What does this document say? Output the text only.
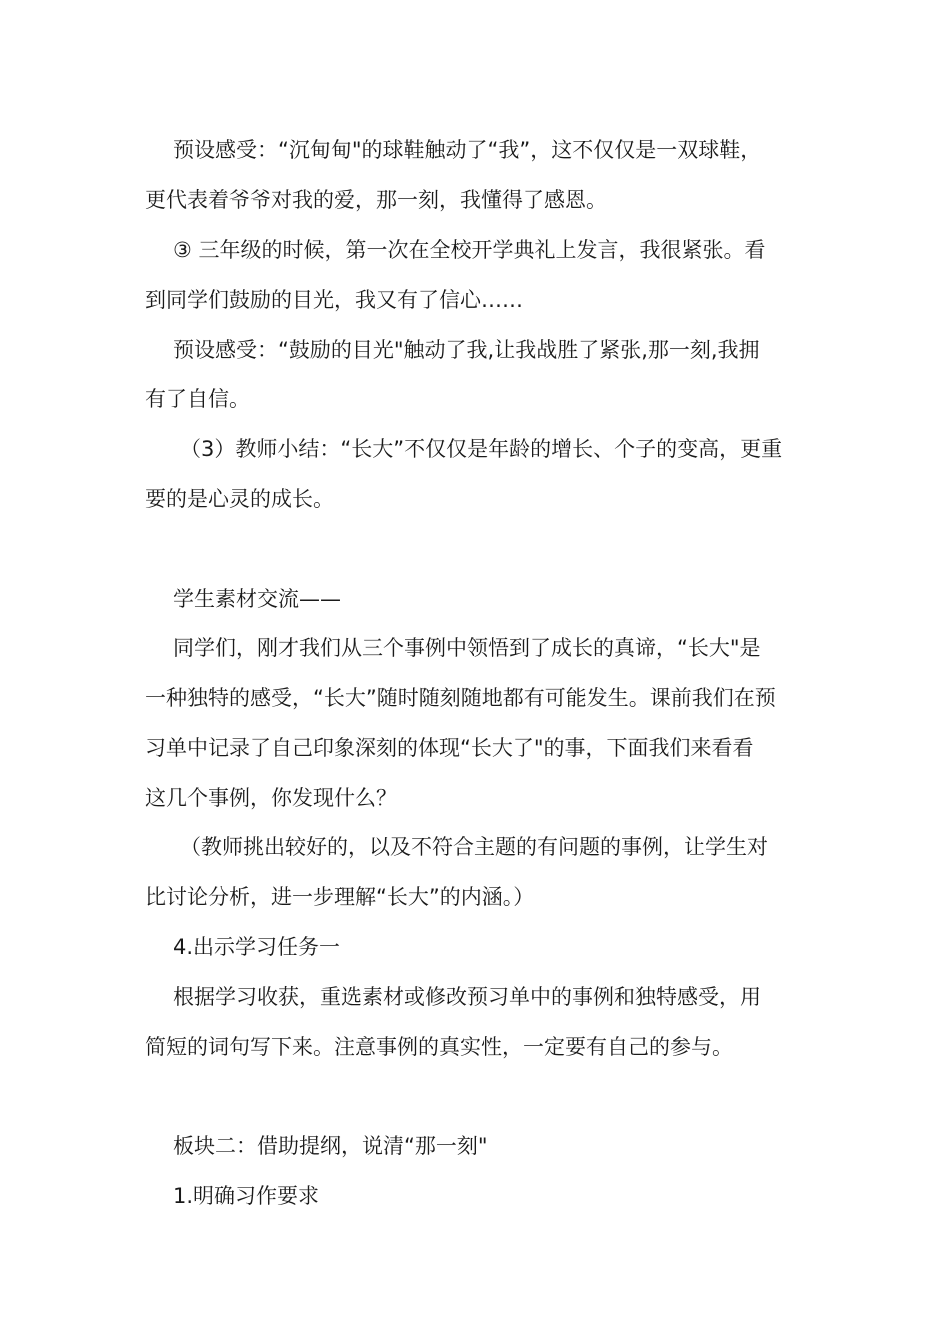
预设感受：“沉甸甸"的球鞋触动了“我”，这不仅仅是一双球鞋，
更代表着爷爷对我的爱，那一刻，我懂得了感恩。
③ 三年级的时候，第一次在全校开学典礼上发言，我很紧张。看
到同学们鼓励的目光，我又有了信心……
预设感受：“鼓励的目光"触动了我,让我战胜了紧张,那一刻,我拥
有了自信。
（3）教师小结：“长大”不仅仅是年龄的增长、个子的变高，更重
要的是心灵的成长。
学生素材交流——
同学们，刚才我们从三个事例中领悟到了成长的真谛，“长大"是
一种独特的感受，“长大”随时随刻随地都有可能发生。课前我们在预
习单中记录了自己印象深刻的体现“长大了"的事，下面我们来看看
这几个事例，你发现什么？
（教师挑出较好的，以及不符合主题的有问题的事例，让学生对
比讨论分析，进一步理解“长大”的内涵。）
4.出示学习任务一
根据学习收获，重选素材或修改预习单中的事例和独特感受，用
简短的词句写下来。注意事例的真实性，一定要有自己的参与。
板块二：借助提纲，说清“那一刻"
1.明确习作要求
